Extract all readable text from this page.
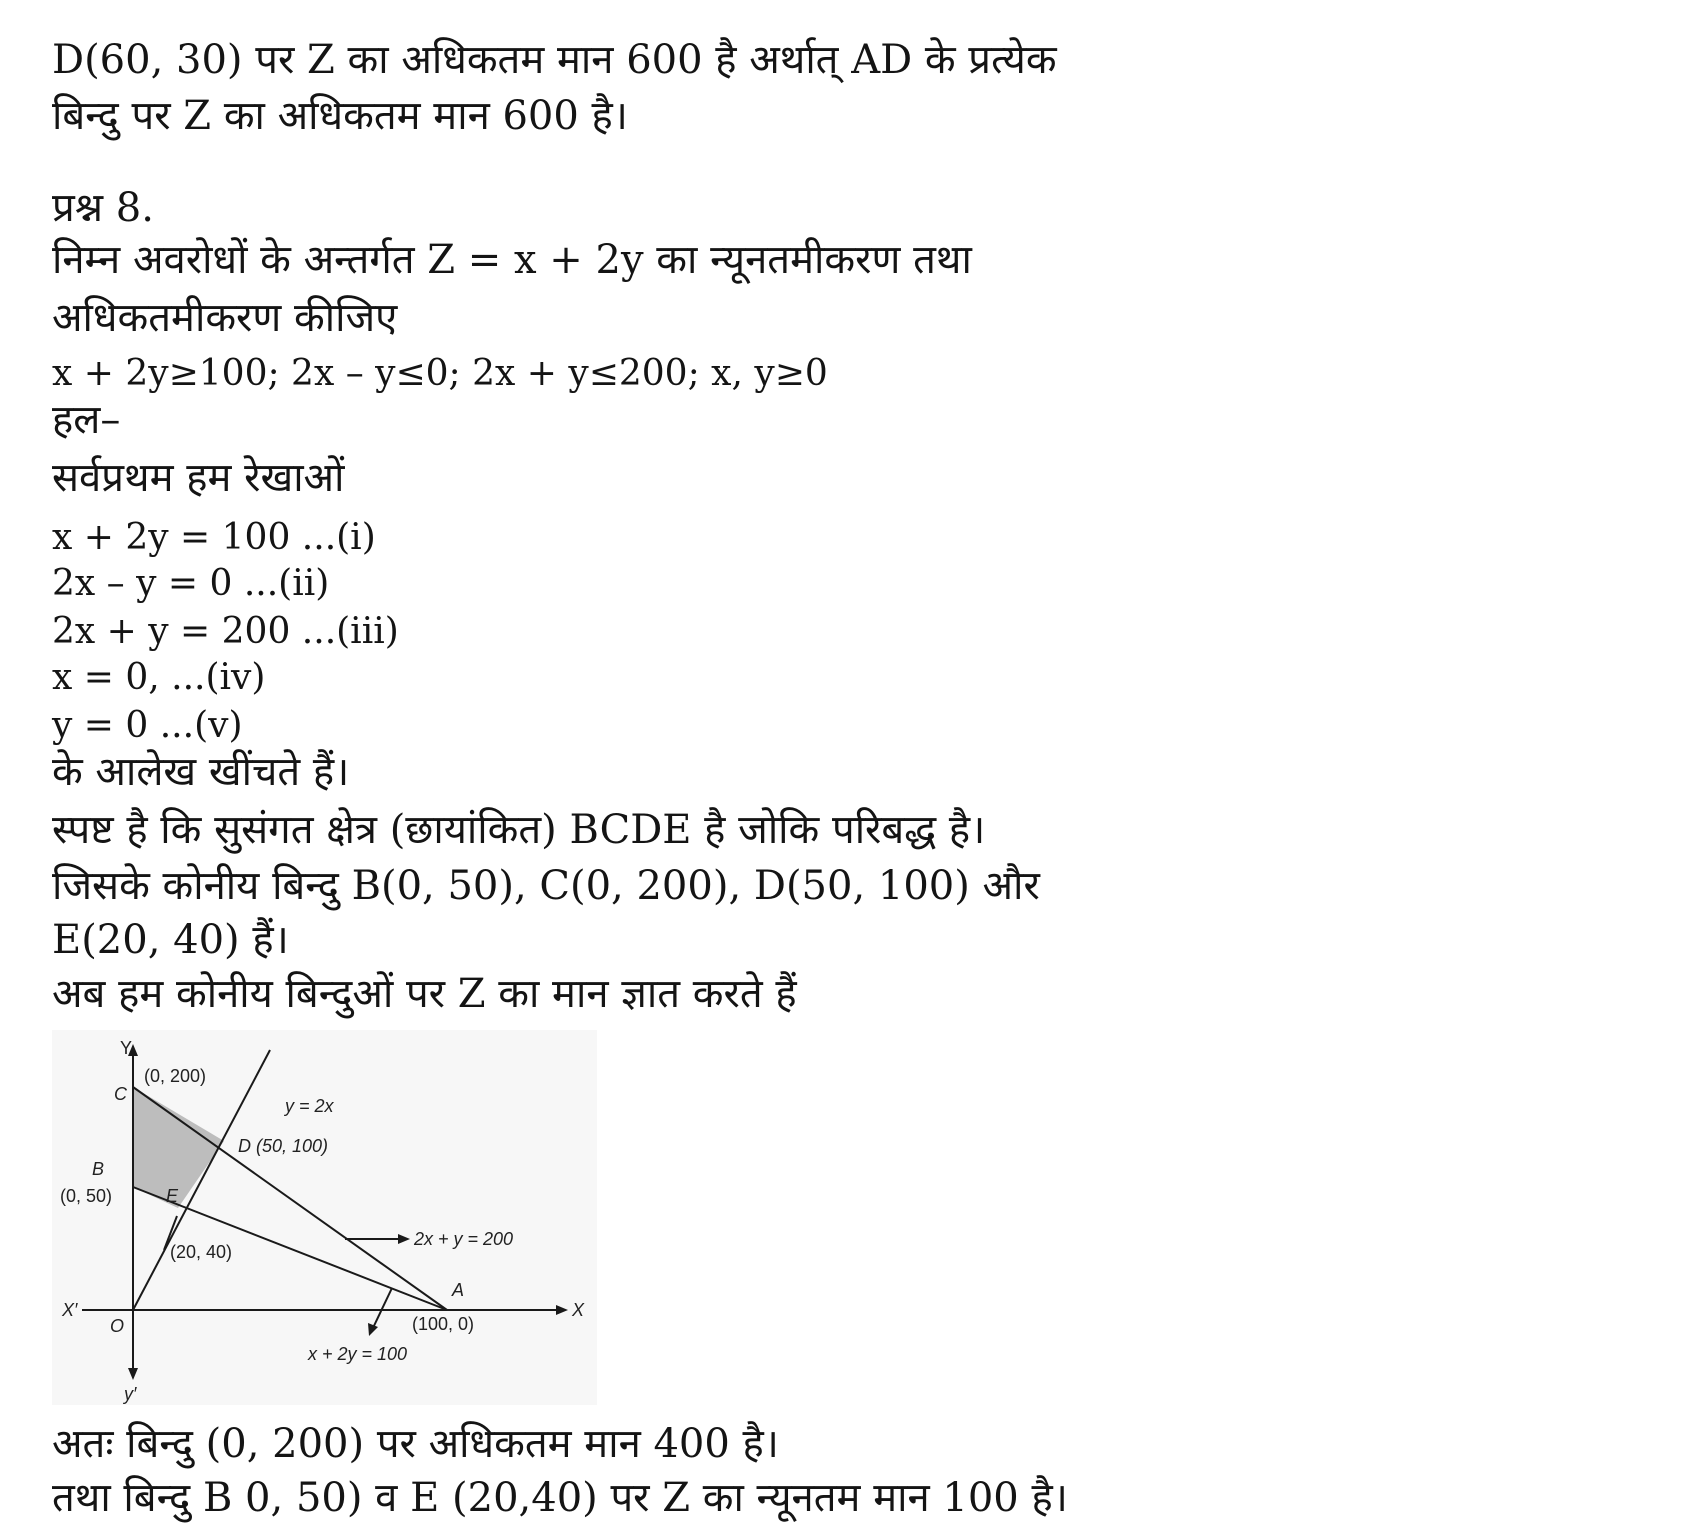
D(60, 30) पर Z का अधिकतम मान 600 है अर्थात् AD के प्रत्येक
बिन्दु पर Z का अधिकतम मान 600 है।
प्रश्न 8.
निम्न अवरोधों के अन्तर्गत Z = x + 2y का न्यूनतमीकरण तथा
अधिकतमीकरण कीजिए
x + 2y≥100; 2x – y≤0; 2x + y≤200; x, y≥0
हल–
सर्वप्रथम हम रेखाओं
x + 2y = 100 ...(i)
2x – y = 0 ...(ii)
2x + y = 200 ...(iii)
x = 0, ...(iv)
y = 0 ...(v)
के आलेख खींचते हैं।
स्पष्ट है कि सुसंगत क्षेत्र (छायांकित) BCDE है जोकि परिबद्ध है।
जिसके कोनीय बिन्दु B(0, 50), C(0, 200), D(50, 100) और
E(20, 40) हैं।
अब हम कोनीय बिन्दुओं पर Z का मान ज्ञात करते हैं
Y
y′
X
X′
O
C
(0, 200)
B
(0, 50)
D (50, 100)
E
(20, 40)
A
(100, 0)
y = 2x
2x + y = 200
x + 2y = 100
अतः बिन्दु (0, 200) पर अधिकतम मान 400 है।
तथा बिन्दु B 0, 50) व E (20,40) पर Z का न्यूनतम मान 100 है।
